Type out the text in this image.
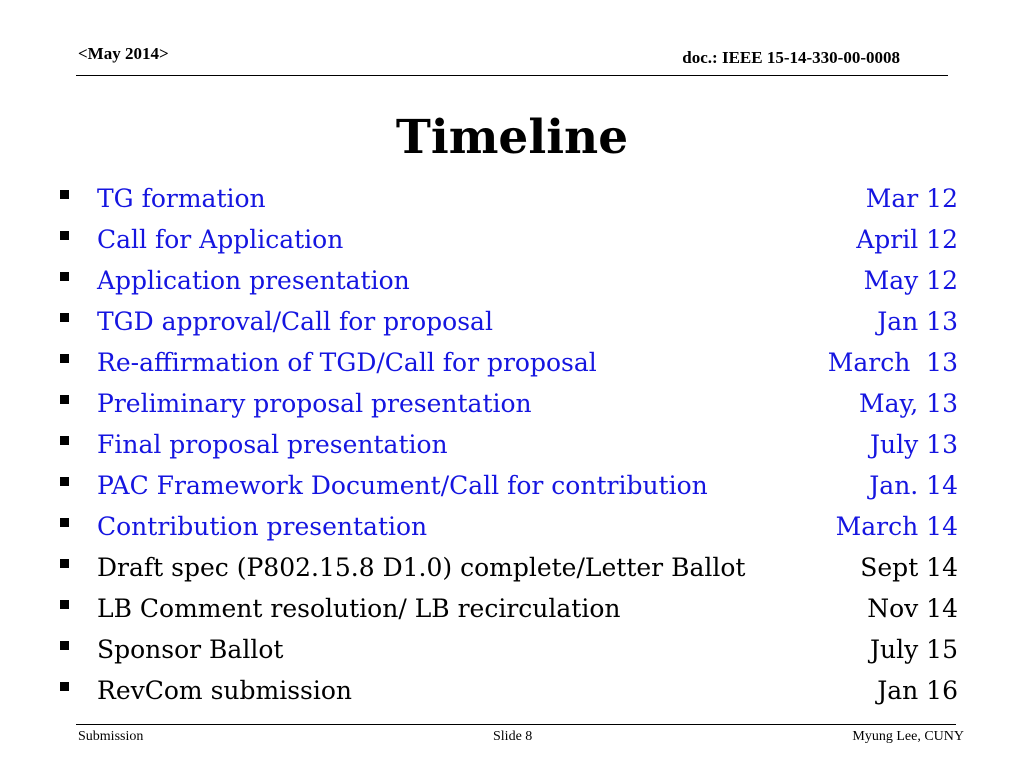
<May 2014>	doc.: IEEE 15-14-330-00-0008
Timeline
TG formation	Mar 12
Call for Application	April 12
Application presentation	May 12
TGD approval/Call for proposal	Jan 13
Re-affirmation of TGD/Call for proposal	March  13
Preliminary proposal presentation	May, 13
Final proposal presentation	July 13
PAC Framework Document/Call for contribution	Jan. 14
Contribution presentation	March 14
Draft spec (P802.15.8 D1.0) complete/Letter Ballot	Sept 14
LB Comment resolution/ LB recirculation	Nov 14
Sponsor Ballot	July 15
RevCom submission	Jan 16
Submission	Slide 8	Myung Lee, CUNY
